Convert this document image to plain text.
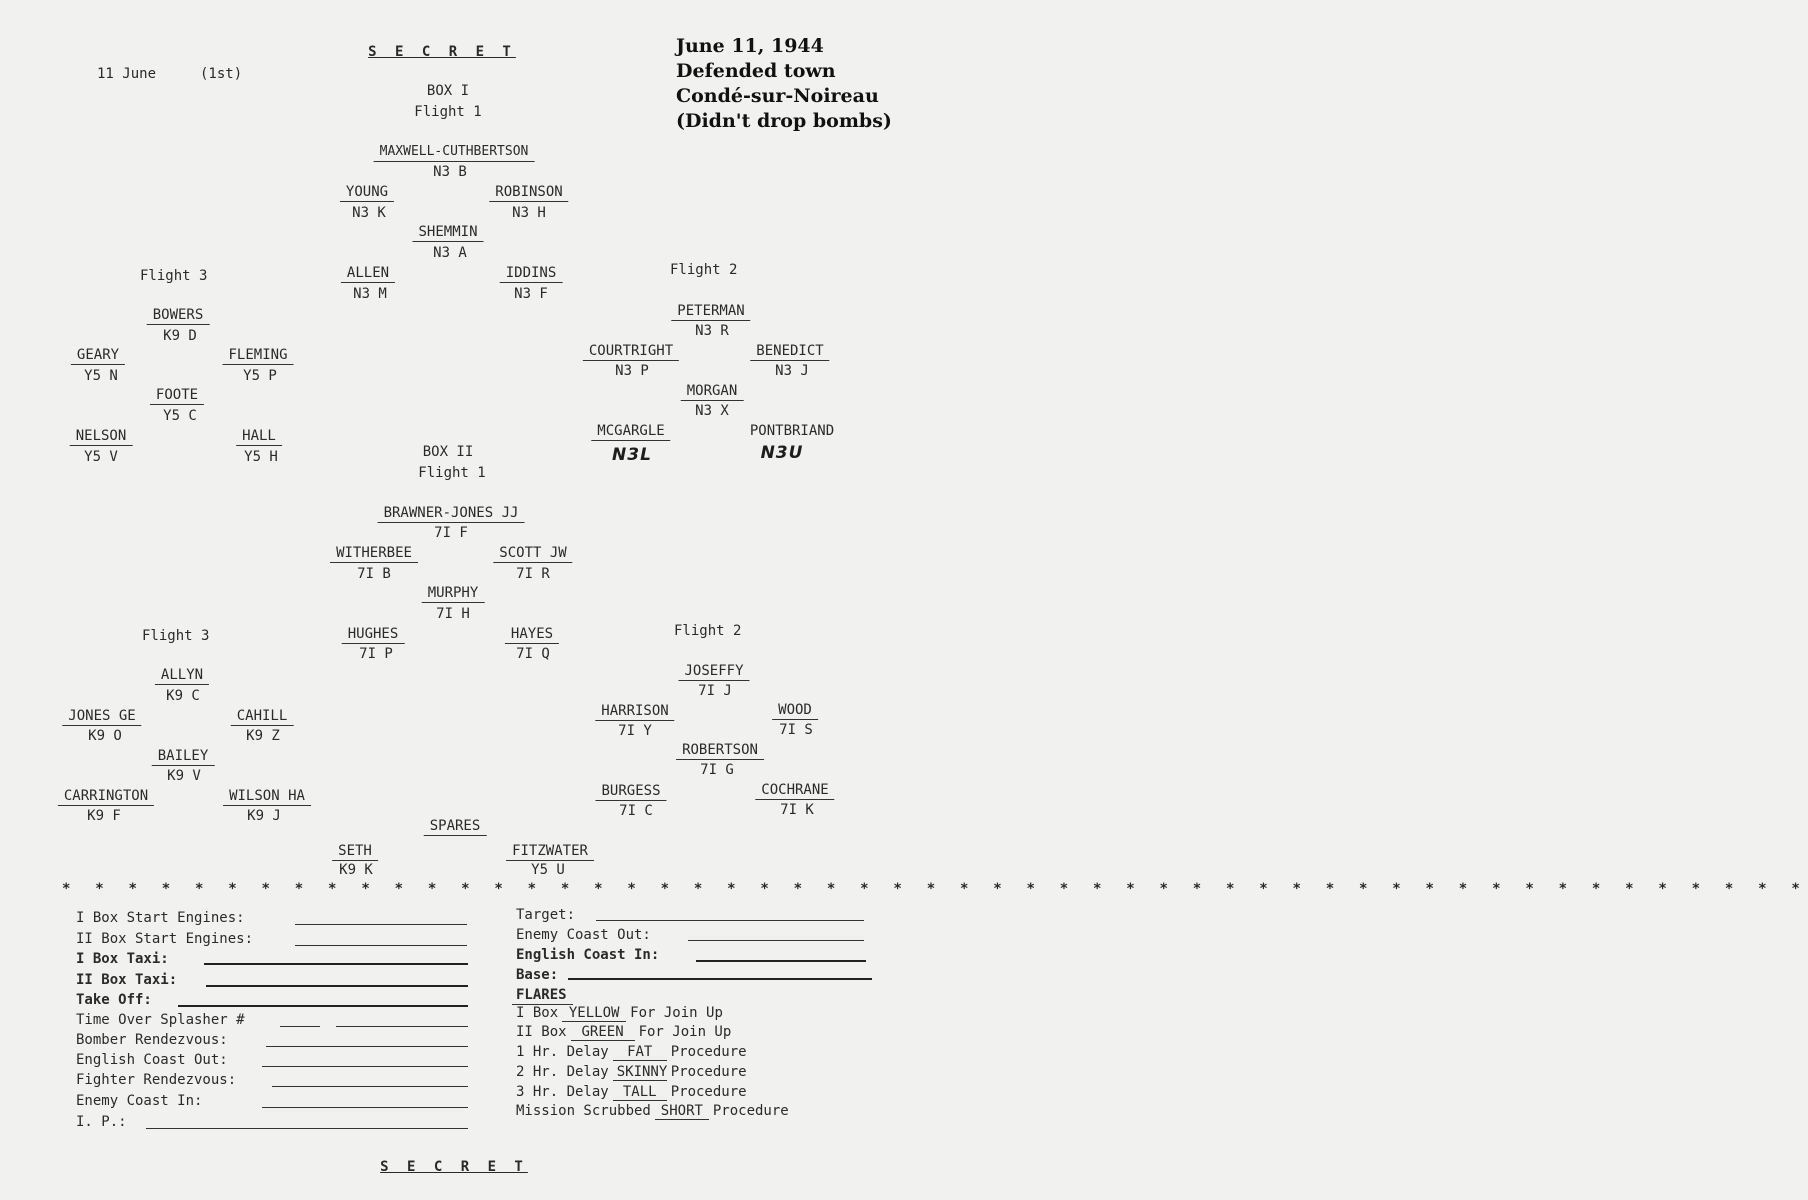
11 June	(1st)
S E C R E T	June 11, 1944
Defended town
Condé-sur-Noireau
(Didn't drop bombs)
BOX I
Flight 1
MAXWELL-CUTHBERTSON
N3 B
YOUNG
N3 K
ROBINSON
N3 H
SHEMMIN
N3 A
ALLEN
N3 M
IDDINS
N3 F
Flight 3
BOWERS
K9 D
GEARY
Y5 N
FLEMING
Y5 P
FOOTE
Y5 C
NELSON
Y5 V
HALL
Y5 H
Flight 2
PETERMAN
N3 R
COURTRIGHT
N3 P
BENEDICT
N3 J
MORGAN
N3 X
MCGARGLE
N3L
PONTBRIAND
N3U
BOX II
Flight 1
BRAWNER-JONES JJ
7I F
WITHERBEE
7I B
SCOTT JW
7I R
MURPHY
7I H
HUGHES
7I P
HAYES
7I Q
Flight 3
ALLYN
K9 C
JONES GE
K9 O
CAHILL
K9 Z
BAILEY
K9 V
CARRINGTON
K9 F
WILSON HA
K9 J
Flight 2
JOSEFFY
7I J
HARRISON
7I Y
WOOD
7I S
ROBERTSON
7I G
BURGESS
7I C
COCHRANE
7I K
SPARES
SETH
K9 K
FITZWATER
Y5 U
* * * * * * * * * * * * * * * * * * * * * * * * * * * * * * * * * * * * * * * * * * * * * * * * * * * * *
I Box Start Engines:
II Box Start Engines:
I Box Taxi:
II Box Taxi:
Take Off:
Time Over Splasher #
Bomber Rendezvous:
English Coast Out:
Fighter Rendezvous:
Enemy Coast In:
I. P.:
Target:
Enemy Coast Out:
English Coast In:
Base:
FLARES
I Box YELLOW For Join Up
II Box GREEN For Join Up
1 Hr. Delay FAT Procedure
2 Hr. Delay SKINNY Procedure
3 Hr. Delay TALL Procedure
Mission Scrubbed SHORT Procedure
S E C R E T
